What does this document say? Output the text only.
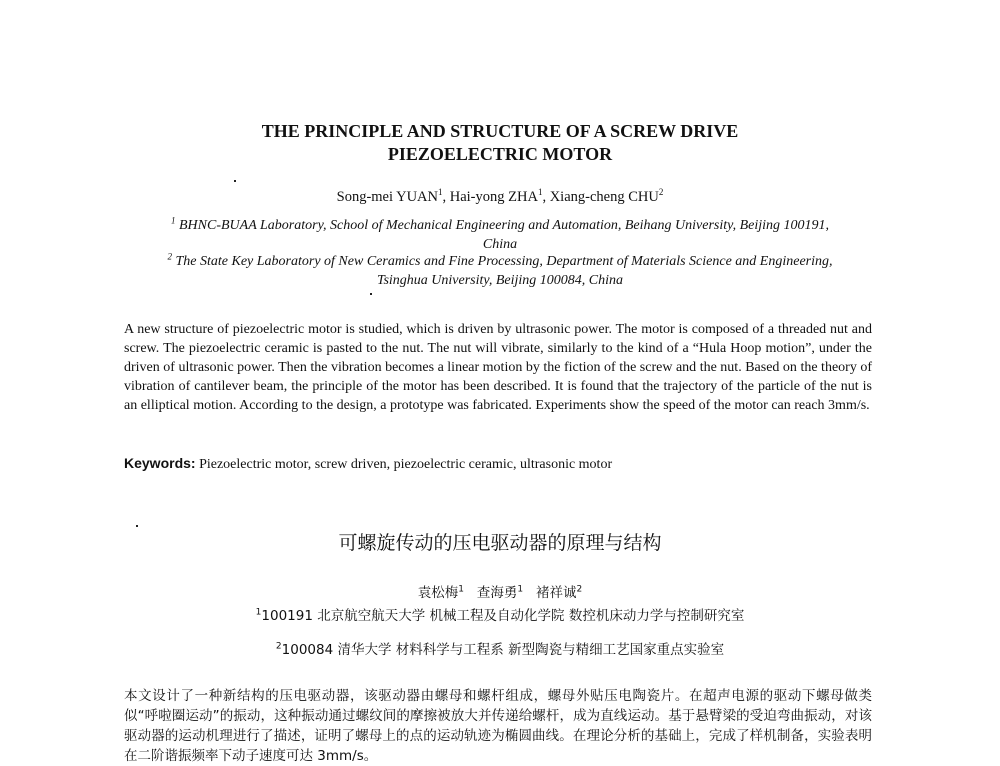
THE PRINCIPLE AND STRUCTURE OF A SCREW DRIVE
PIEZOELECTRIC MOTOR
Song-mei YUAN$^1$, Hai-yong ZHA$^1$, Xiang-cheng CHU$^2$
$^1$ BHNC-BUAA Laboratory, School of Mechanical Engineering and Automation, Beihang University, Beijing 100191,
China
$^2$ The State Key Laboratory of New Ceramics and Fine Processing, Department of Materials Science and Engineering,
Tsinghua University, Beijing 100084, China
A new structure of piezoelectric motor is studied, which is driven by ultrasonic power. The motor is composed of a threaded nut and screw. The piezoelectric ceramic is pasted to the nut. The nut will vibrate, similarly to the kind of a “Hula Hoop motion”, under the driven of ultrasonic power. Then the vibration becomes a linear motion by the fiction of the screw and the nut. Based on the theory of vibration of cantilever beam, the principle of the motor has been described. It is found that the trajectory of the particle of the nut is an elliptical motion. According to the design, a prototype was fabricated. Experiments show the speed of the motor can reach 3mm/s.
Keywords: Piezoelectric motor, screw driven, piezoelectric ceramic, ultrasonic motor
可螺旋传动的压电驱动器的原理与结构
袁松梅$^1$ 查海勇$^1$ 褚祥诚$^2$
$^1$100191 北京航空航天大学 机械工程及自动化学院 数控机床动力学与控制研究室
$^2$100084 清华大学 材料科学与工程系 新型陶瓷与精细工艺国家重点实验室
本文设计了一种新结构的压电驱动器，该驱动器由螺母和螺杆组成，螺母外贴压电陶瓷片。在超声电源的驱动下螺母做类似“呼啦圈运动”的振动，这种振动通过螺纹间的摩擦被放大并传递给螺杆，成为直线运动。基于悬臂梁的受迫弯曲振动，对该驱动器的运动机理进行了描述，证明了螺母上的点的运动轨迹为椭圆曲线。在理论分析的基础上，完成了样机制备，实验表明在二阶谐振频率下动子速度可达 3mm/s。
